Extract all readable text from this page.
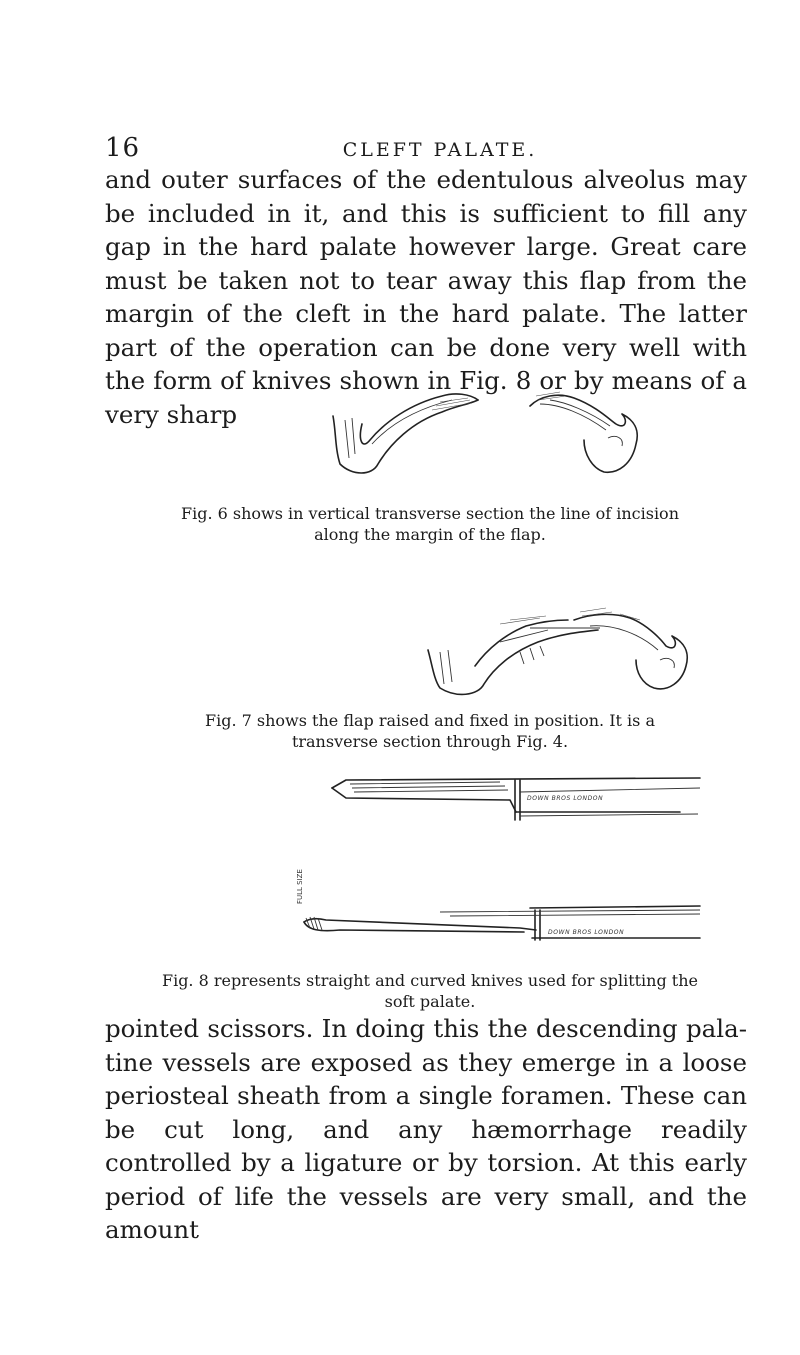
16	CLEFT PALATE.
and outer surfaces of the edentulous alveolus may be included in it, and this is sufficient to fill any gap in the hard palate however large. Great care must be taken not to tear away this flap from the margin of the cleft in the hard palate. The latter part of the operation can be done very well with the form of knives shown in Fig. 8 or by means of a very sharp
Fig. 6 shows in vertical transverse section the line of incision along the margin of the flap.
Fig. 7 shows the flap raised and fixed in position. It is a transverse section through Fig. 4.
DOWN BROS LONDON
FULL SIZE
DOWN BROS LONDON
Fig. 8 represents straight and curved knives used for splitting the soft palate.
pointed scissors. In doing this the descending pala-tine vessels are exposed as they emerge in a loose periosteal sheath from a single foramen. These can be cut long, and any hæmorrhage readily controlled by a ligature or by torsion. At this early period of life the vessels are very small, and the amount
